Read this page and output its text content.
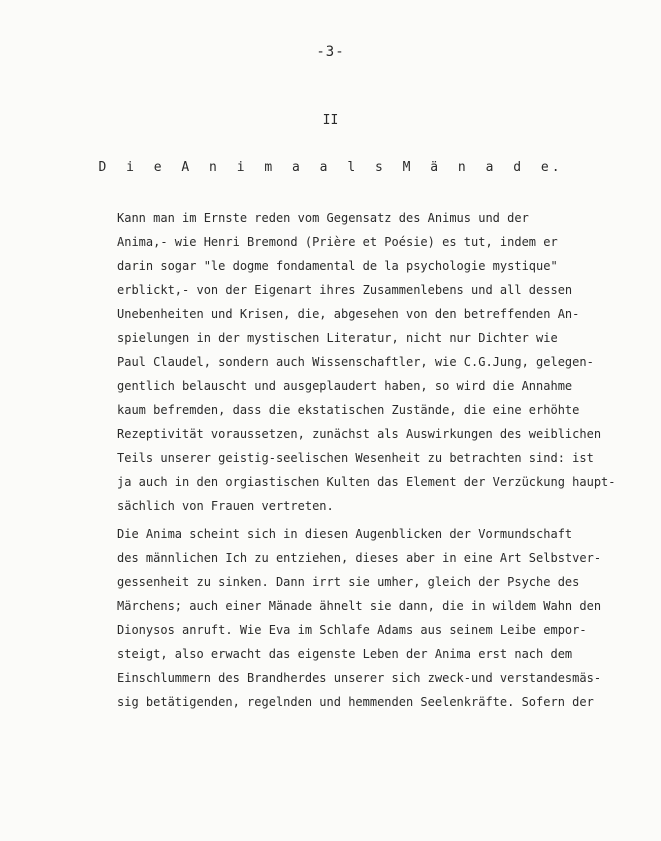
-3-
II
D i e A n i m a a l s M ä n a d e.
Kann man im Ernste reden vom Gegensatz des Animus und der
Anima,- wie Henri Bremond (Prière et Poésie) es tut, indem er
darin sogar "le dogme fondamental de la psychologie mystique"
erblickt,- von der Eigenart ihres Zusammenlebens und all dessen
Unebenheiten und Krisen, die, abgesehen von den betreffenden An-
spielungen in der mystischen Literatur, nicht nur Dichter wie
Paul Claudel, sondern auch Wissenschaftler, wie C.G.Jung, gelegen-
gentlich belauscht und ausgeplaudert haben, so wird die Annahme
kaum befremden, dass die ekstatischen Zustände, die eine erhöhte
Rezeptivität voraussetzen, zunächst als Auswirkungen des weiblichen
Teils unserer geistig-seelischen Wesenheit zu betrachten sind: ist
ja auch in den orgiastischen Kulten das Element der Verzückung haupt-
sächlich von Frauen vertreten.
Die Anima scheint sich in diesen Augenblicken der Vormundschaft
des männlichen Ich zu entziehen, dieses aber in eine Art Selbstver-
gessenheit zu sinken. Dann irrt sie umher, gleich der Psyche des
Märchens; auch einer Mänade ähnelt sie dann, die in wildem Wahn den
Dionysos anruft. Wie Eva im Schlafe Adams aus seinem Leibe empor-
steigt, also erwacht das eigenste Leben der Anima erst nach dem
Einschlummern des Brandherdes unserer sich zweck-und verstandesmäs-
sig betätigenden, regelnden und hemmenden Seelenkräfte. Sofern der
